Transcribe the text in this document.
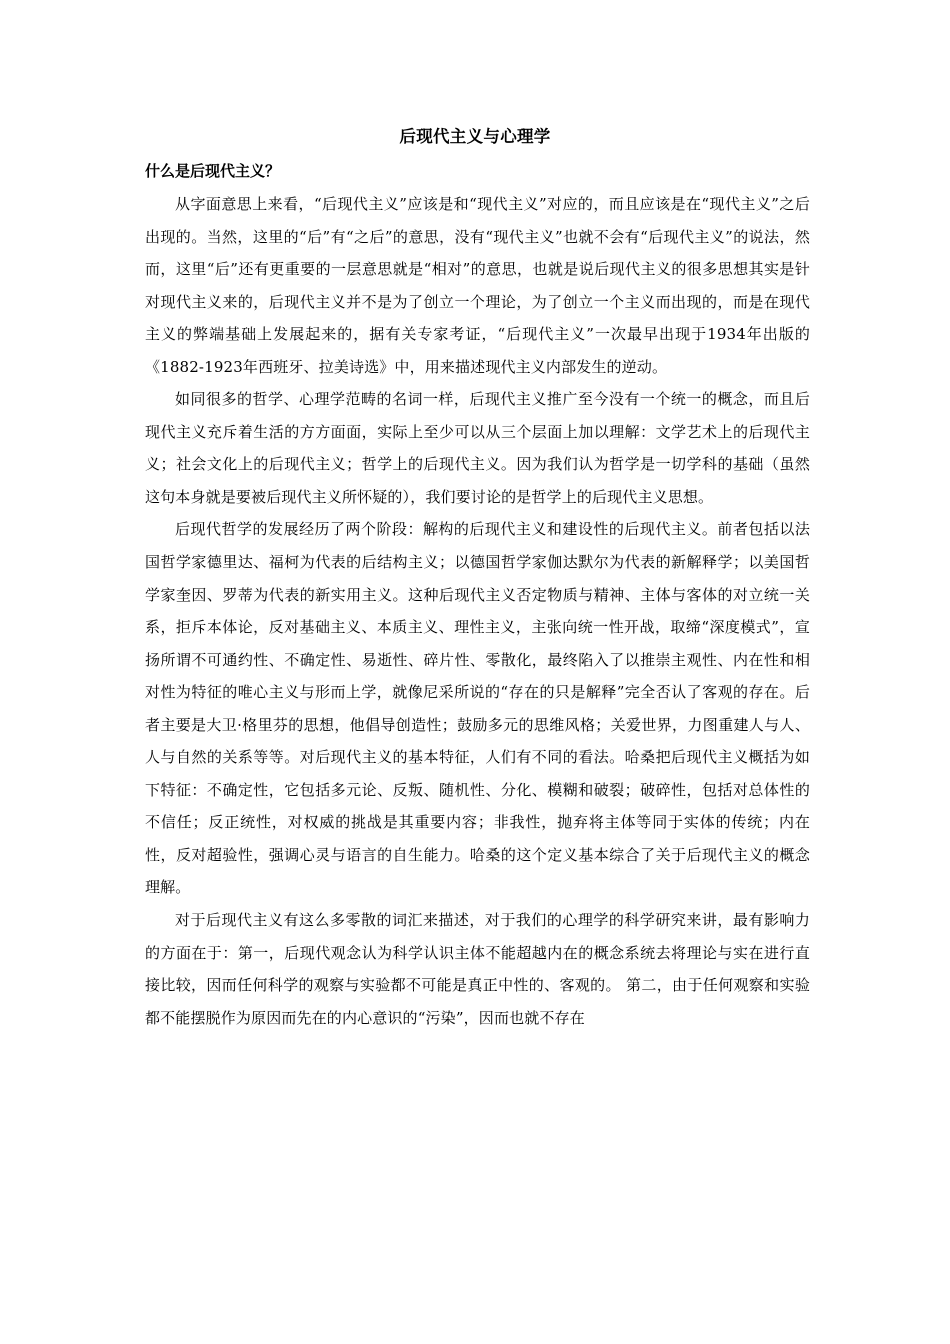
后现代主义与心理学
什么是后现代主义？

从字面意思上来看，“后现代主义”应该是和“现代主义”对应的，而且应该是在“现代主义”之后出现的。当然，这里的“后”有“之后”的意思，没有“现代主义”也就不会有“后现代主义”的说法，然而，这里“后”还有更重要的一层意思就是“相对”的意思，也就是说后现代主义的很多思想其实是针对现代主义来的，后现代主义并不是为了创立一个理论，为了创立一个主义而出现的，而是在现代主义的弊端基础上发展起来的，据有关专家考证，“后现代主义”一次最早出现于1934年出版的《1882-1923年西班牙、拉美诗选》中，用来描述现代主义内部发生的逆动。

如同很多的哲学、心理学范畴的名词一样，后现代主义推广至今没有一个统一的概念，而且后现代主义充斥着生活的方方面面，实际上至少可以从三个层面上加以理解：文学艺术上的后现代主义；社会文化上的后现代主义；哲学上的后现代主义。因为我们认为哲学是一切学科的基础（虽然这句本身就是要被后现代主义所怀疑的），我们要讨论的是哲学上的后现代主义思想。

后现代哲学的发展经历了两个阶段：解构的后现代主义和建设性的后现代主义。前者包括以法国哲学家德里达、福柯为代表的后结构主义；以德国哲学家伽达默尔为代表的新解释学；以美国哲学家奎因、罗蒂为代表的新实用主义。这种后现代主义否定物质与精神、主体与客体的对立统一关系，拒斥本体论，反对基础主义、本质主义、理性主义，主张向统一性开战，取缔“深度模式”，宣扬所谓不可通约性、不确定性、易逝性、碎片性、零散化，最终陷入了以推崇主观性、内在性和相对性为特征的唯心主义与形而上学，就像尼采所说的“存在的只是解释”完全否认了客观的存在。后者主要是大卫·格里芬的思想，他倡导创造性；鼓励多元的思维风格；关爱世界，力图重建人与人、人与自然的关系等等。对后现代主义的基本特征，人们有不同的看法。哈桑把后现代主义概括为如下特征：不确定性，它包括多元论、反叛、随机性、分化、模糊和破裂；破碎性，包括对总体性的不信任；反正统性，对权威的挑战是其重要内容；非我性，抛弃将主体等同于实体的传统；内在性，反对超验性，强调心灵与语言的自生能力。哈桑的这个定义基本综合了关于后现代主义的概念理解。

对于后现代主义有这么多零散的词汇来描述，对于我们的心理学的科学研究来讲，最有影响力的方面在于：第一，后现代观念认为科学认识主体不能超越内在的概念系统去将理论与实在进行直接比较，因而任何科学的观察与实验都不可能是真正中性的、客观的。 第二，由于任何观察和实验都不能摆脱作为原因而先在的内心意识的“污染”，因而也就不存在
